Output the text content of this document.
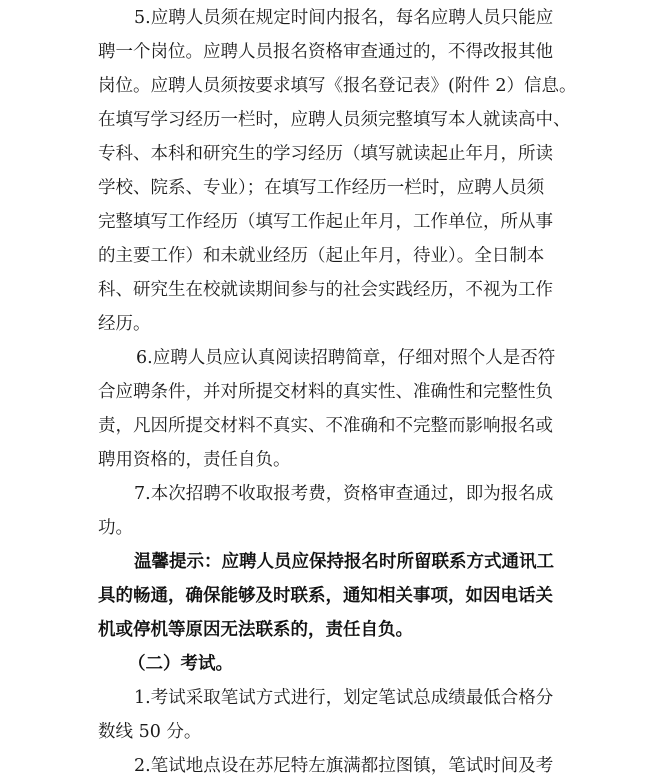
5.应聘人员须在规定时间内报名，每名应聘人员只能应
聘一个岗位。应聘人员报名资格审查通过的，不得改报其他
岗位。应聘人员须按要求填写《报名登记表》(附件 2）信息。
在填写学习经历一栏时，应聘人员须完整填写本人就读高中、
专科、本科和研究生的学习经历（填写就读起止年月，所读
学校、院系、专业）；在填写工作经历一栏时，应聘人员须
完整填写工作经历（填写工作起止年月，工作单位，所从事
的主要工作）和未就业经历（起止年月，待业）。全日制本
科、研究生在校就读期间参与的社会实践经历，不视为工作
经历。
6.应聘人员应认真阅读招聘简章，仔细对照个人是否符
合应聘条件，并对所提交材料的真实性、准确性和完整性负
责，凡因所提交材料不真实、不准确和不完整而影响报名或
聘用资格的，责任自负。
7.本次招聘不收取报考费，资格审查通过，即为报名成
功。
温馨提示：应聘人员应保持报名时所留联系方式通讯工
具的畅通，确保能够及时联系，通知相关事项，如因电话关
机或停机等原因无法联系的，责任自负。
（二）考试。
1.考试采取笔试方式进行，划定笔试总成绩最低合格分
数线 50 分。
2.笔试地点设在苏尼特左旗满都拉图镇，笔试时间及考
